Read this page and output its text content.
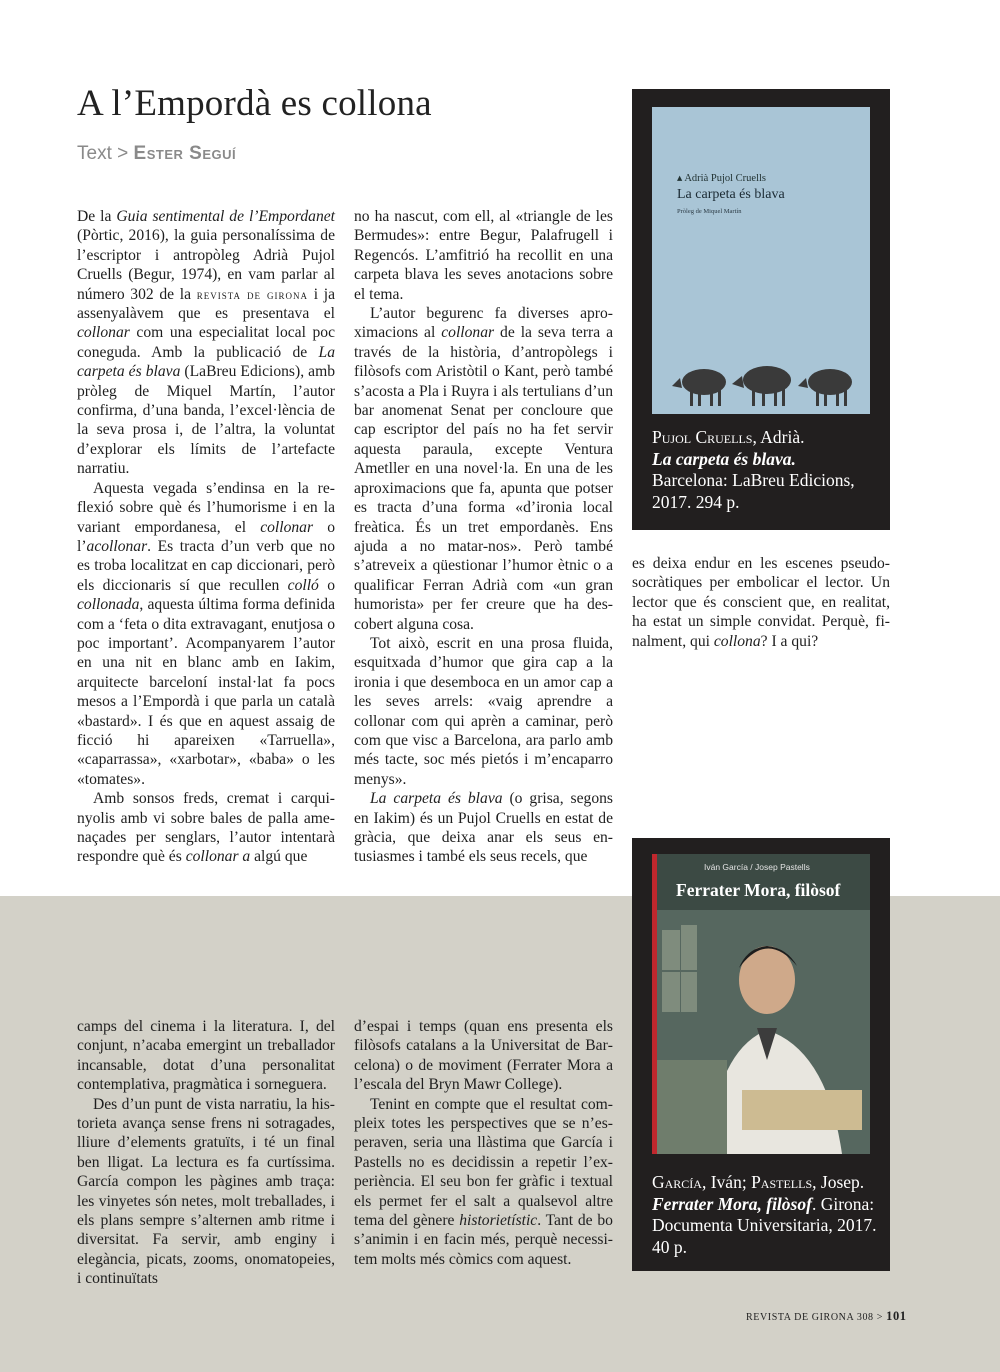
A l’Empordà es collona
Text > Ester Seguí

De la Guia sentimental de l’Empordanet (Pòrtic, 2016), la guia personalíssima de l’escriptor i antropòleg Adrià Pujol Cruells (Begur, 1974), en vam parlar al número 302 de la revista de girona i ja assenyalàvem que es presentava el collonar com una especialitat local poc coneguda. Amb la publicació de La carpeta és blava (LaBreu Edicions), amb pròleg de Miquel Martín, l’autor confirma, d’una banda, l’excel·lència de la seva prosa i, de l’altra, la voluntat d’explorar els límits de l’artefacte narratiu.

Aquesta vegada s’endinsa en la reflexió sobre què és l’humorisme i en la variant empordanesa, el collonar o l’acollonar. Es tracta d’un verb que no es troba localitzat en cap diccionari, però els diccionaris sí que recullen colló o collonada, aquesta última forma definida com a ‘feta o dita extravagant, enutjosa o poc important’. Acompanyarem l’autor en una nit en blanc amb en Iakim, arquitecte barceloní instal·lat fa pocs mesos a l’Empordà i que parla un català «bastard». I és que en aquest assaig de ficció hi apareixen «Tarruella», «caparrassa», «xarbotar», «baba» o les «tomates».

Amb sonsos freds, cremat i carquinyolis amb vi sobre bales de palla amenaçades per senglars, l’autor intentarà respondre què és collonar a algú que

no ha nascut, com ell, al «triangle de les Bermudes»: entre Begur, Palafrugell i Regencós. L’amfitrió ha recollit en una carpeta blava les seves anotacions sobre el tema.

L’autor begurenc fa diverses aproximacions al collonar de la seva terra a través de la història, d’antropòlegs i filòsofs com Aristòtil o Kant, però també s’acosta a Pla i Ruyra i als tertulians d’un bar anomenat Senat per concloure que cap escriptor del país no ha fet servir aquesta paraula, excepte Ventura Ametller en una novel·la. En una de les aproximacions que fa, apunta que potser es tracta d’una forma «d’ironia local freàtica. És un tret empordanès. Ens ajuda a no matar-nos». Però també s’atreveix a qüestionar l’humor ètnic o a qualificar Ferran Adrià com «un gran humorista» per fer creure que ha descobert alguna cosa.

Tot això, escrit en una prosa fluida, esquitxada d’humor que gira cap a la ironia i que desemboca en un amor cap a les seves arrels: «vaig aprendre a collonar com qui aprèn a caminar, però com que visc a Barcelona, ara parlo amb més tacte, soc més pietós i m’encaparro menys».

La carpeta és blava (o grisa, segons en Iakim) és un Pujol Cruells en estat de gràcia, que deixa anar els seus entusiasmes i també els seus recels, que

es deixa endur en les escenes pseudosocràtiques per embolicar el lector. Un lector que és conscient que, en realitat, ha estat un simple convidat. Perquè, finalment, qui collona? I a qui?

camps del cinema i la literatura. I, del conjunt, n’acaba emergint un treballador incansable, dotat d’una personalitat contemplativa, pragmàtica i sorneguera.

Des d’un punt de vista narratiu, la historieta avança sense frens ni sotragades, lliure d’elements gratuïts, i té un final ben lligat. La lectura es fa curtíssima. García compon les pàgines amb traça: les vinyetes són netes, molt treballades, i els plans sempre s’alternen amb ritme i diversitat. Fa servir, amb enginy i elegància, picats, zooms, onomatopeies, i continuïtats

d’espai i temps (quan ens presenta els filòsofs catalans a la Universitat de Barcelona) o de moviment (Ferrater Mora a l’escala del Bryn Mawr College).

Tenint en compte que el resultat compleix totes les perspectives que se n’esperaven, seria una llàstima que García i Pastells no es decidissin a repetir l’experiència. El seu bon fer gràfic i textual els permet fer el salt a qualsevol altre tema del gènere historietístic. Tant de bo s’animin i en facin més, perquè necessitem molts més còmics com aquest.

▴ Adrià Pujol Cruells
La carpeta és blava
Pròleg de Miquel Martín
Pujol Cruells, Adrià.
La carpeta és blava.
Barcelona: LaBreu Edicions, 2017. 294 p.
Iván García / Josep Pastells
Ferrater Mora, filòsof
García, Iván; Pastells, Josep. Ferrater Mora, filòsof. Girona: Documenta Universitaria, 2017. 40 p.
REVISTA DE GIRONA 308 > 101
